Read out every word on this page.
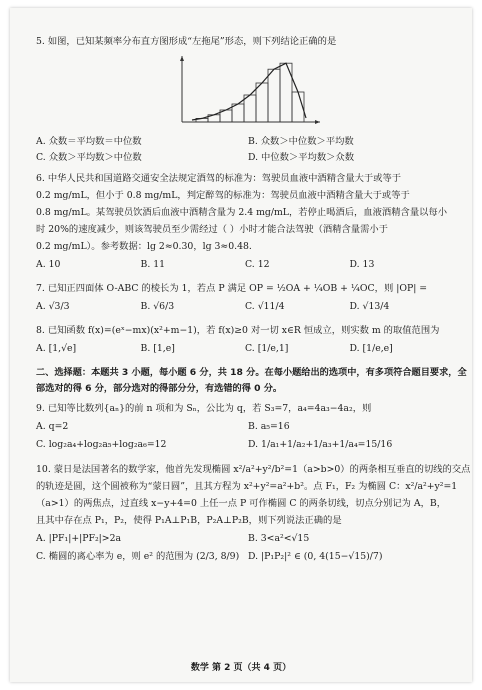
5. 如图，已知某频率分布直方图形成“左拖尾”形态，则下列结论正确的是

A. 众数＝平均数＝中位数	B. 众数＞中位数＞平均数
C. 众数＞平均数＞中位数	D. 中位数＞平均数＞众数

6. 中华人民共和国道路交通安全法规定酒驾的标准为：驾驶员血液中酒精含量大于或等于

0.2 mg/mL，但小于 0.8 mg/mL，判定醉驾的标准为：驾驶员血液中酒精含量大于或等于

0.8 mg/mL。某驾驶员饮酒后血液中酒精含量为 2.4 mg/mL，若停止喝酒后，血液酒精含量以每小

时 20%的速度减少，则该驾驶员至少需经过（ ）小时才能合法驾驶（酒精含量需小于

0.2 mg/mL）。参考数据：lg 2≈0.30，lg 3≈0.48.

A. 10	B. 11	C. 12	D. 13

7. 已知正四面体 O-ABC 的棱长为 1，若点 P 满足 OP = ½OA + ¼OB + ¼OC，则 |OP| =

A. √3/3	B. √6/3	C. √11/4	D. √13/4

8. 已知函数 f(x)=(eˣ−mx)(x²+m−1)，若 f(x)≥0 对一切 x∈R 恒成立，则实数 m 的取值范围为

A. [1,√e]	B. [1,e]	C. [1/e,1]	D. [1/e,e]

二、选择题：本题共 3 小题，每小题 6 分，共 18 分。在每小题给出的选项中，有多项符合题目要求，全

部选对的得 6 分，部分选对的得部分分，有选错的得 0 分。

9. 已知等比数列{aₙ}的前 n 项和为 Sₙ，公比为 q，若 S₃=7，a₄=4a₃−4a₂，则

A. q=2	B. a₅=16
C. log₂a₄+log₂a₅+log₂a₆=12	D. 1/a₁+1/a₂+1/a₃+1/a₄=15/16

10. 蒙日是法国著名的数学家，他首先发现椭圆 x²/a²+y²/b²=1（a>b>0）的两条相互垂直的切线的交点

的轨迹是圆，这个圆被称为“蒙日圆”，且其方程为 x²+y²=a²+b²。点 F₁，F₂ 为椭圆 C：x²/a²+y²=1

（a>1）的两焦点，过直线 x−y+4=0 上任一点 P 可作椭圆 C 的两条切线，切点分别记为 A，B，

且其中存在点 P₁，P₂，使得 P₁A⊥P₁B，P₂A⊥P₂B，则下列说法正确的是

A. |PF₁|+|PF₂|>2a	B. 3<a²<√15
C. 椭圆的离心率为 e，则 e² 的范围为 (2/3, 8/9) D. |P₁P₂|² ∈ (0, 4(15−√15)/7)
数学 第 2 页（共 4 页）
